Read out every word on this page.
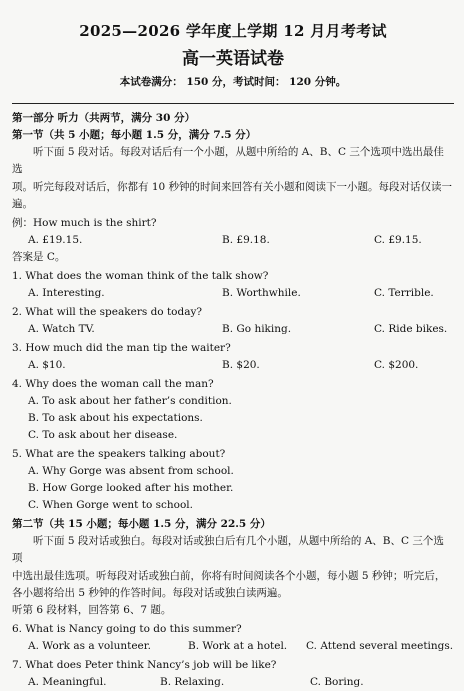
2025—2026 学年度上学期 12 月月考考试
高一英语试卷
本试卷满分： 150 分，考试时间： 120 分钟。
第一部分 听力（共两节，满分 30 分）
第一节（共 5 小题；每小题 1.5 分，满分 7.5 分）
听下面 5 段对话。每段对话后有一个小题，从题中所给的 A、B、C 三个选项中选出最佳选
项。听完每段对话后，你都有 10 秒钟的时间来回答有关小题和阅读下一小题。每段对话仅读一
遍。
例：How much is the shirt?
A. £19.15.	B. £9.18.	C. £9.15.
答案是 C。
1. What does the woman think of the talk show?
A. Interesting.	B. Worthwhile.	C. Terrible.
2. What will the speakers do today?
A. Watch TV.	B. Go hiking.	C. Ride bikes.
3. How much did the man tip the waiter?
A. $10.	B. $20.	C. $200.
4. Why does the woman call the man?
A. To ask about her father’s condition.
B. To ask about his expectations.
C. To ask about her disease.
5. What are the speakers talking about?
A. Why Gorge was absent from school.
B. How Gorge looked after his mother.
C. When Gorge went to school.
第二节（共 15 小题；每小题 1.5 分，满分 22.5 分）
听下面 5 段对话或独白。每段对话或独白后有几个小题，从题中所给的 A、B、C 三个选项
中选出最佳选项。听每段对话或独白前，你将有时间阅读各个小题，每小题 5 秒钟；听完后，
各小题将给出 5 秒钟的作答时间。每段对话或独白读两遍。
听第 6 段材料，回答第 6、7 题。
6. What is Nancy going to do this summer?
A. Work as a volunteer.	B. Work at a hotel.	C. Attend several meetings.
7. What does Peter think Nancy’s job will be like?
A. Meaningful.	B. Relaxing.	C. Boring.
